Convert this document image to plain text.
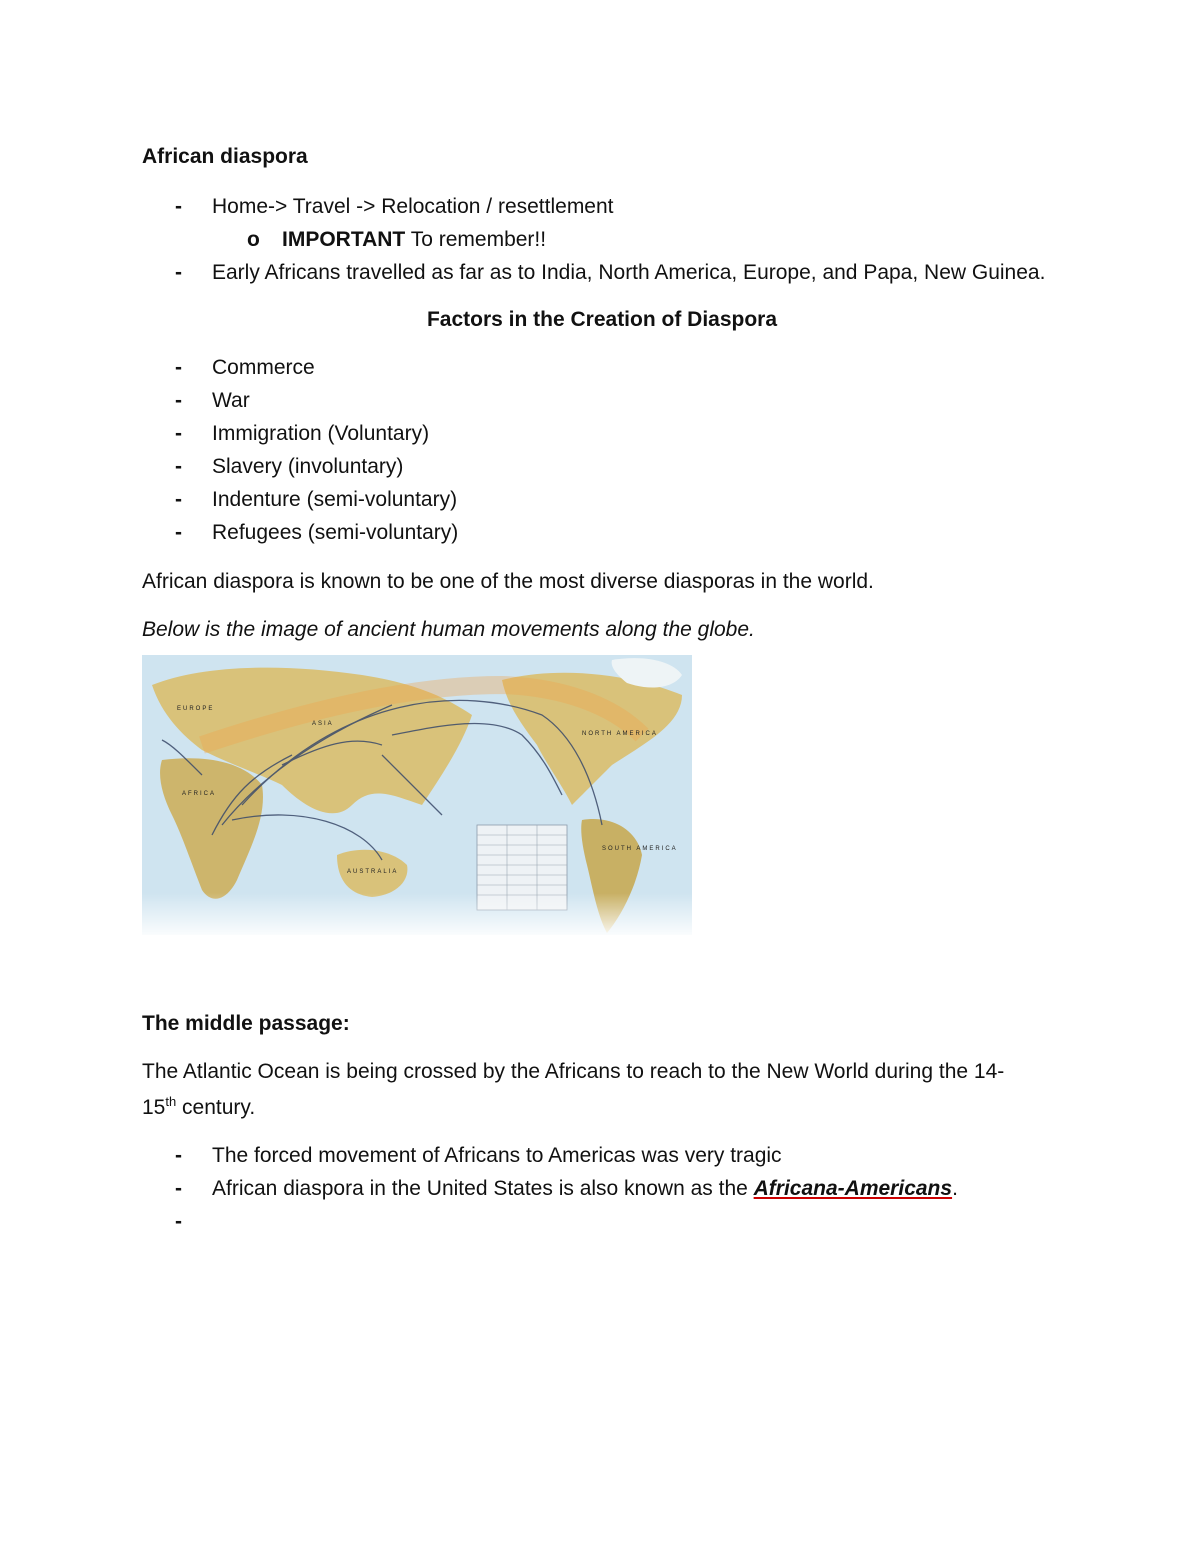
African diaspora

- Home-> Travel -> Relocation / resettlement
o IMPORTANT To remember!!
- Early Africans travelled as far as to India, North America, Europe, and Papa, New Guinea.

Factors in the Creation of Diaspora

- Commerce
- War
- Immigration (Voluntary)
- Slavery (involuntary)
- Indenture (semi-voluntary)
- Refugees (semi-voluntary)

African diaspora is known to be one of the most diverse diasporas in the world.

Below is the image of ancient human movements along the globe.

The middle passage:

The Atlantic Ocean is being crossed by the Africans to reach to the New World during the 14-
15th century.

- The forced movement of Africans to Americas was very tragic
- African diaspora in the United States is also known as the Africana-Americans.
-
